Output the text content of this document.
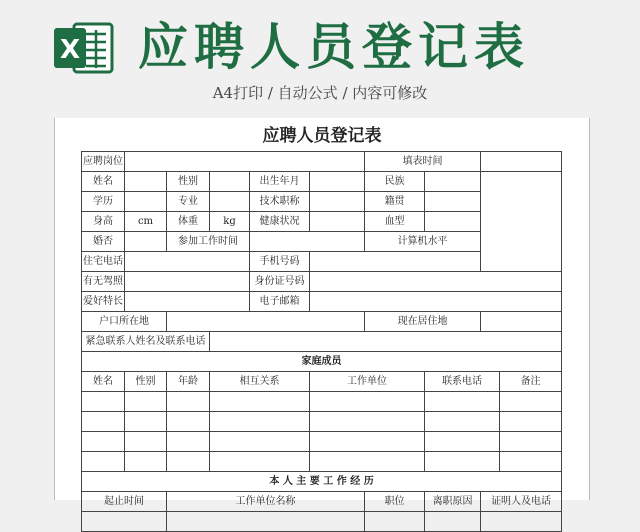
X 应聘人员登记表
A4打印 / 自动公式 / 内容可修改
应聘人员登记表
应聘岗位						填表时间			
姓名		性别		出生年月		民族			
学历		专业		技术职称		籍贯			
身高	cm	体重	kg	健康状况		血型			
婚否		参加工作时间				计算机水平			
住宅电话				手机号码					
有无驾照				身份证号码					
爱好特长				电子邮箱					
户口所在地						现在居住地			
紧急联系人姓名及联系电话									
家庭成员									
姓名	性别	年龄	相互关系		工作单位		联系电话		备注

本 人 主 要 工 作 经 历									
起止时间		工作单位名称				职位	离职原因	证明人及电话	
